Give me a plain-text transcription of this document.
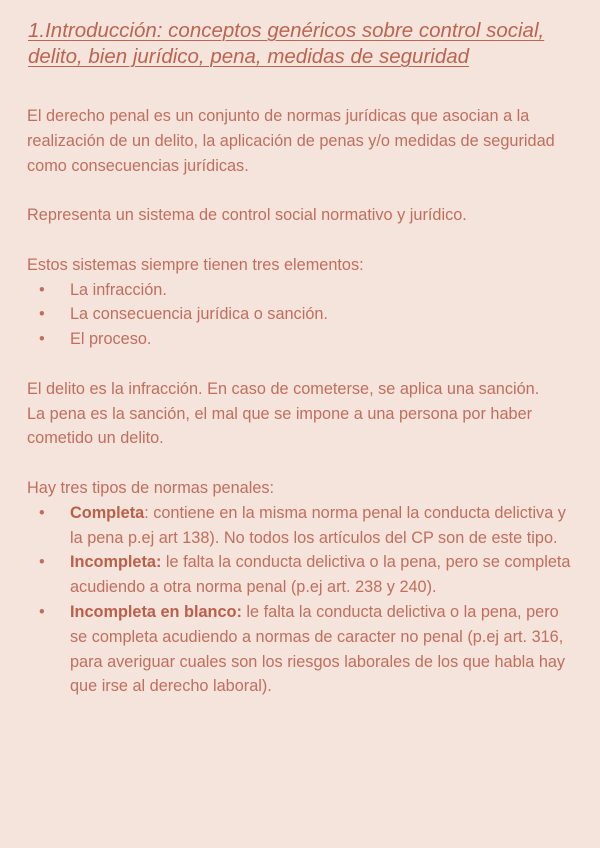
1.Introducción: conceptos genéricos sobre control social, delito, bien jurídico, pena, medidas de seguridad

El derecho penal es un conjunto de normas jurídicas que asocian a la realización de un delito, la aplicación de penas y/o medidas de seguridad como consecuencias jurídicas.

Representa un sistema de control social normativo y jurídico.

Estos sistemas siempre tienen tres elementos:

• La infracción.
• La consecuencia jurídica o sanción.
• El proceso.

El delito es la infracción. En caso de cometerse, se aplica una sanción.

La pena es la sanción, el mal que se impone a una persona por haber cometido un delito.

Hay tres tipos de normas penales:

• Completa: contiene en la misma norma penal la conducta delictiva y la pena p.ej art 138). No todos los artículos del CP son de este tipo.
• Incompleta: le falta la conducta delictiva o la pena, pero se completa acudiendo a otra norma penal (p.ej art. 238 y 240).
• Incompleta en blanco: le falta la conducta delictiva o la pena, pero se completa acudiendo a normas de caracter no penal (p.ej art. 316, para averiguar cuales son los riesgos laborales de los que habla hay que irse al derecho laboral).
